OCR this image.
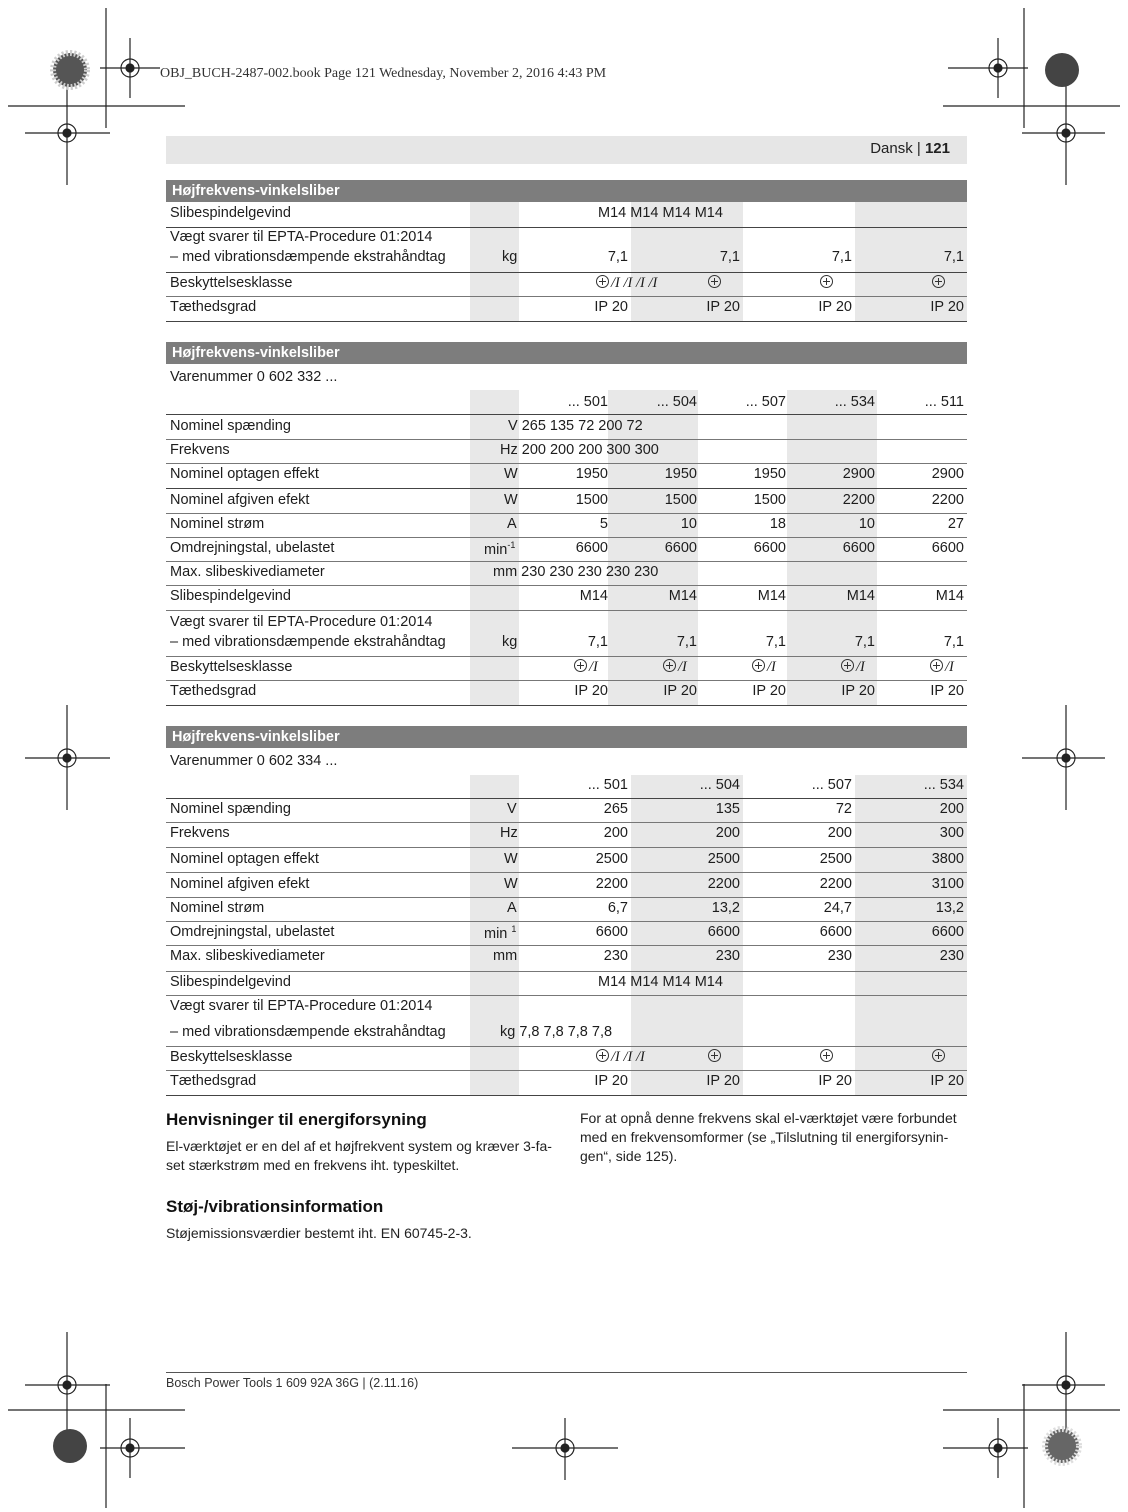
OBJ_BUCH-2487-002.book Page 121 Wednesday, November 2, 2016 4:43 PM
Dansk | 121
Højfrekvens-vinkelsliber
Slibespindelgevind	M14 M14 M14 M14
Vægt svarer til EPTA-Procedure 01:2014
– med vibrationsdæmpende ekstrahåndtag	kg	7,1	7,1	7,1	7,1
Beskyttelsesklasse	/I /I /I /I
Tæthedsgrad	IP 20	IP 20	IP 20	IP 20
Højfrekvens-vinkelsliber
Varenummer 0 602 332 ...
... 501	... 504	... 507	... 534	... 511
Nominel spænding	V 265 135 72 200 72
Frekvens	Hz 200 200 200 300 300
Nominel optagen effekt	W	1950	1950	1950	2900	2900
Nominel afgiven efekt	W	1500	1500	1500	2200	2200
Nominel strøm	A	5	10	18	10	27
Omdrejningstal, ubelastet	$\min^{-1}$	6600	6600	6600	6600	6600
Max. slibeskivediameter	mm 230 230 230 230 230
Slibespindelgevind	M14	M14	M14	M14	M14
Vægt svarer til EPTA-Procedure 01:2014
– med vibrationsdæmpende ekstrahåndtag	kg	7,1	7,1	7,1	7,1	7,1
Beskyttelsesklasse	/I	/I	/I	/I	/I
Tæthedsgrad	IP 20	IP 20	IP 20	IP 20	IP 20
Højfrekvens-vinkelsliber
Varenummer 0 602 334 ...
... 501	... 504	... 507	... 534
Nominel spænding	V	265	135	72	200
Frekvens	Hz	200	200	200	300
Nominel optagen effekt	W	2500	2500	2500	3800
Nominel afgiven efekt	W	2200	2200	2200	3100
Nominel strøm	A	6,7	13,2	24,7	13,2
Omdrejningstal, ubelastet	min $^1$	6600	6600	6600	6600
Max. slibeskivediameter	mm	230	230	230	230
Slibespindelgevind	M14 M14 M14 M14
Vægt svarer til EPTA-Procedure 01:2014
– med vibrationsdæmpende ekstrahåndtag	kg 7,8 7,8 7,8 7,8
Beskyttelsesklasse	/I /I /I
Tæthedsgrad	IP 20	IP 20	IP 20	IP 20
Henvisninger til energiforsyning
El-værktøjet er en del af et højfrekvent system og kræver 3-fa-
set stærkstrøm med en frekvens iht. typeskiltet.
For at opnå denne frekvens skal el-værktøjet være forbundet
med en frekvensomformer (se „Tilslutning til energiforsynin-
gen“, side 125).
Støj-/vibrationsinformation
Støjemissionsværdier bestemt iht. EN 60745-2-3.
Bosch Power Tools 1 609 92A 36G | (2.11.16)
